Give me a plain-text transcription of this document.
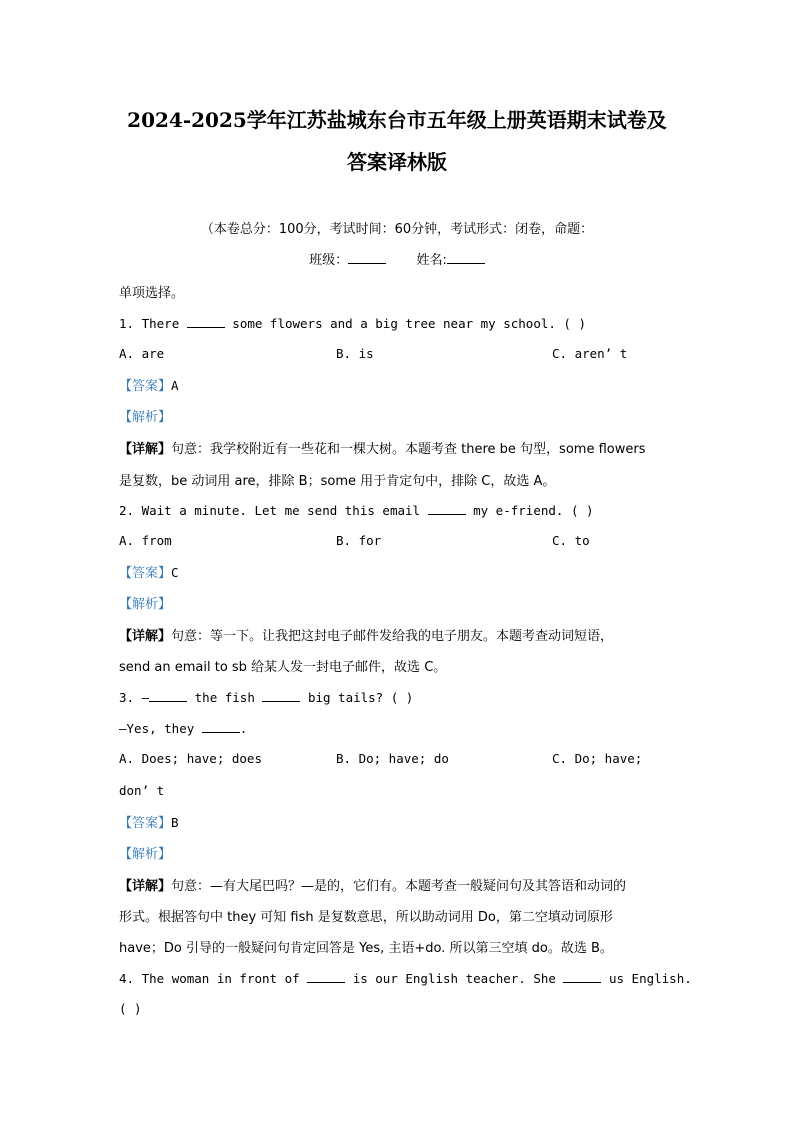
2024-2025学年江苏盐城东台市五年级上册英语期末试卷及
答案译林版
（本卷总分：100分，考试时间：60分钟，考试形式：闭卷，命题：
班级：	姓名:
单项选择。
1. There	some flowers and a big tree near my school. ( )
A. are	B. is	C. aren’ t
【答案】A
【解析】
【详解】句意：我学校附近有一些花和一棵大树。本题考查 there be 句型，some flowers
是复数，be 动词用 are，排除 B；some 用于肯定句中，排除 C，故选 A。
2. Wait a minute. Let me send this email	my e-friend. ( )
A. from	B. for	C. to
【答案】C
【解析】
【详解】句意：等一下。让我把这封电子邮件发给我的电子朋友。本题考查动词短语，
send an email to sb 给某人发一封电子邮件，故选 C。
3. —	the fish	big tails? ( )
—Yes, they	.
A. Does; have; does	B. Do; have; do	C. Do; have;
don’ t
【答案】B
【解析】
【详解】句意：—有大尾巴吗？—是的，它们有。本题考查一般疑问句及其答语和动词的
形式。根据答句中 they 可知 fish 是复数意思，所以助动词用 Do，第二空填动词原形
have；Do 引导的一般疑问句肯定回答是 Yes, 主语+do. 所以第三空填 do。故选 B。
4. The woman in front of	is our English teacher. She	us English.
( )
